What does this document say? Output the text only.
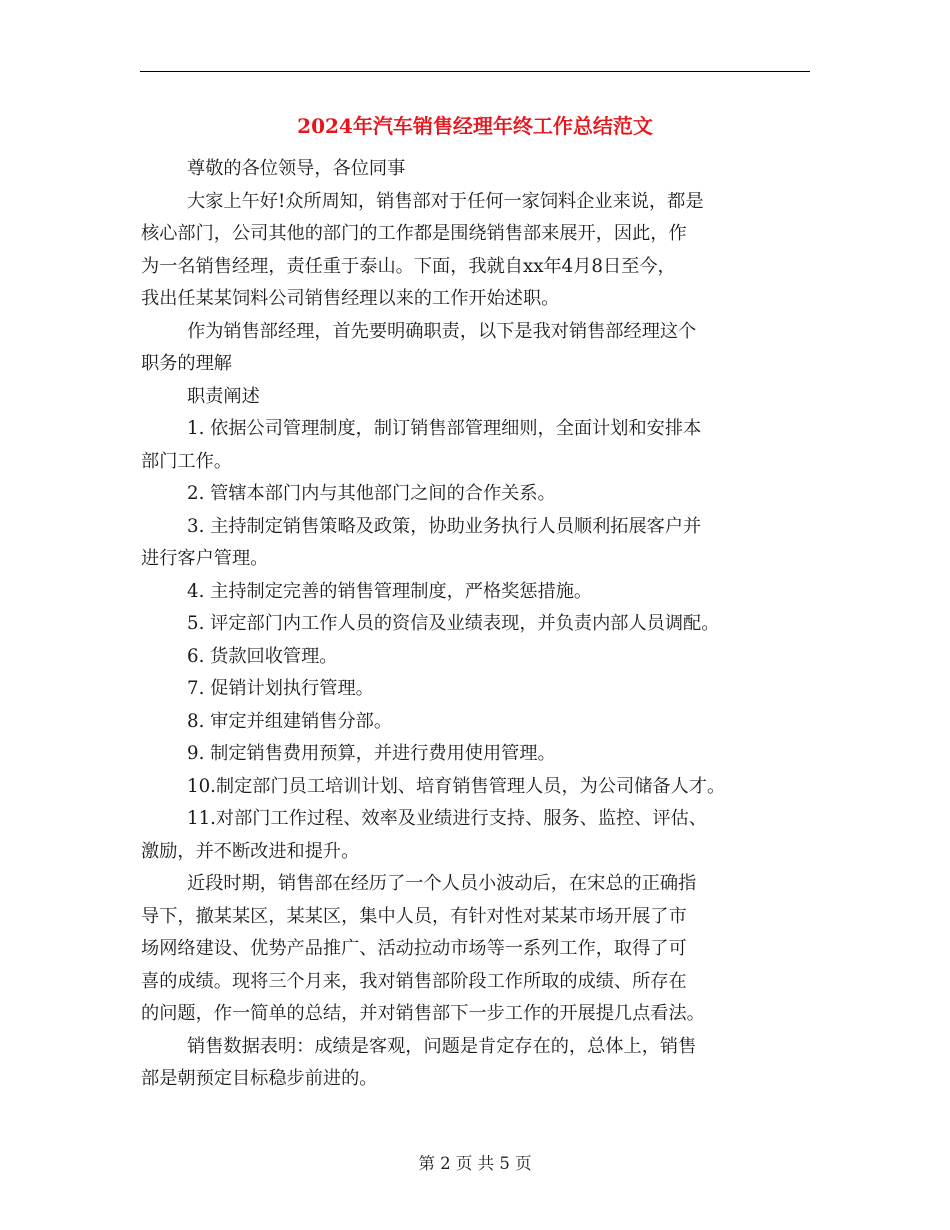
2024年汽车销售经理年终工作总结范文
尊敬的各位领导，各位同事
大家上午好!众所周知，销售部对于任何一家饲料企业来说，都是
核心部门，公司其他的部门的工作都是围绕销售部来展开，因此，作
为一名销售经理，责任重于泰山。下面，我就自xx年4月8日至今，
我出任某某饲料公司销售经理以来的工作开始述职。
作为销售部经理，首先要明确职责，以下是我对销售部经理这个
职务的理解
职责阐述
1. 依据公司管理制度，制订销售部管理细则，全面计划和安排本
部门工作。
2. 管辖本部门内与其他部门之间的合作关系。
3. 主持制定销售策略及政策，协助业务执行人员顺利拓展客户并
进行客户管理。
4. 主持制定完善的销售管理制度，严格奖惩措施。
5. 评定部门内工作人员的资信及业绩表现，并负责内部人员调配。
6. 货款回收管理。
7. 促销计划执行管理。
8. 审定并组建销售分部。
9. 制定销售费用预算，并进行费用使用管理。
10.制定部门员工培训计划、培育销售管理人员，为公司储备人才。
11.对部门工作过程、效率及业绩进行支持、服务、监控、评估、
激励，并不断改进和提升。
近段时期，销售部在经历了一个人员小波动后，在宋总的正确指
导下，撤某某区，某某区，集中人员，有针对性对某某市场开展了市
场网络建设、优势产品推广、活动拉动市场等一系列工作，取得了可
喜的成绩。现将三个月来，我对销售部阶段工作所取的成绩、所存在
的问题，作一简单的总结，并对销售部下一步工作的开展提几点看法。
销售数据表明：成绩是客观，问题是肯定存在的，总体上，销售
部是朝预定目标稳步前进的。
第 2 页 共 5 页
